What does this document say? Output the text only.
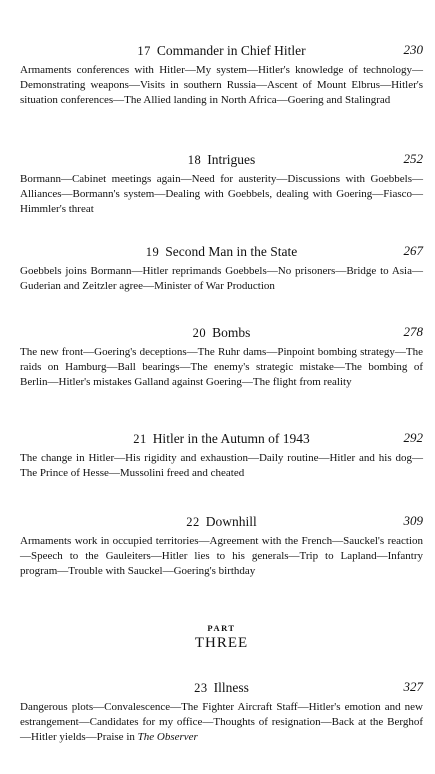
17 Commander in Chief Hitler	230
Armaments conferences with Hitler—My system—Hitler's knowledge of technology—Demonstrating weapons—Visits in southern Russia—Ascent of Mount Elbrus—Hitler's situation conferences—The Allied landing in North Africa—Goering and Stalingrad
18 Intrigues	252
Bormann—Cabinet meetings again—Need for austerity—Discussions with Goebbels—Alliances—Bormann's system—Dealing with Goebbels, dealing with Goering—Fiasco—Himmler's threat
19 Second Man in the State	267
Goebbels joins Bormann—Hitler reprimands Goebbels—No prisoners—Bridge to Asia—Guderian and Zeitzler agree—Minister of War Production
20 Bombs	278
The new front—Goering's deceptions—The Ruhr dams—Pinpoint bombing strategy—The raids on Hamburg—Ball bearings—The enemy's strategic mistake—The bombing of Berlin—Hitler's mistakes Galland against Goering—The flight from reality
21 Hitler in the Autumn of 1943	292
The change in Hitler—His rigidity and exhaustion—Daily routine—Hitler and his dog—The Prince of Hesse—Mussolini freed and cheated
22 Downhill	309
Armaments work in occupied territories—Agreement with the French—Sauckel's reaction—Speech to the Gauleiters—Hitler lies to his generals—Trip to Lapland—Infantry program—Trouble with Sauckel—Goering's birthday
PART
THREE
23 Illness	327
Dangerous plots—Convalescence—The Fighter Aircraft Staff—Hitler's emotion and new estrangement—Candidates for my office—Thoughts of resignation—Back at the Berghof—Hitler yields—Praise in The Observer
